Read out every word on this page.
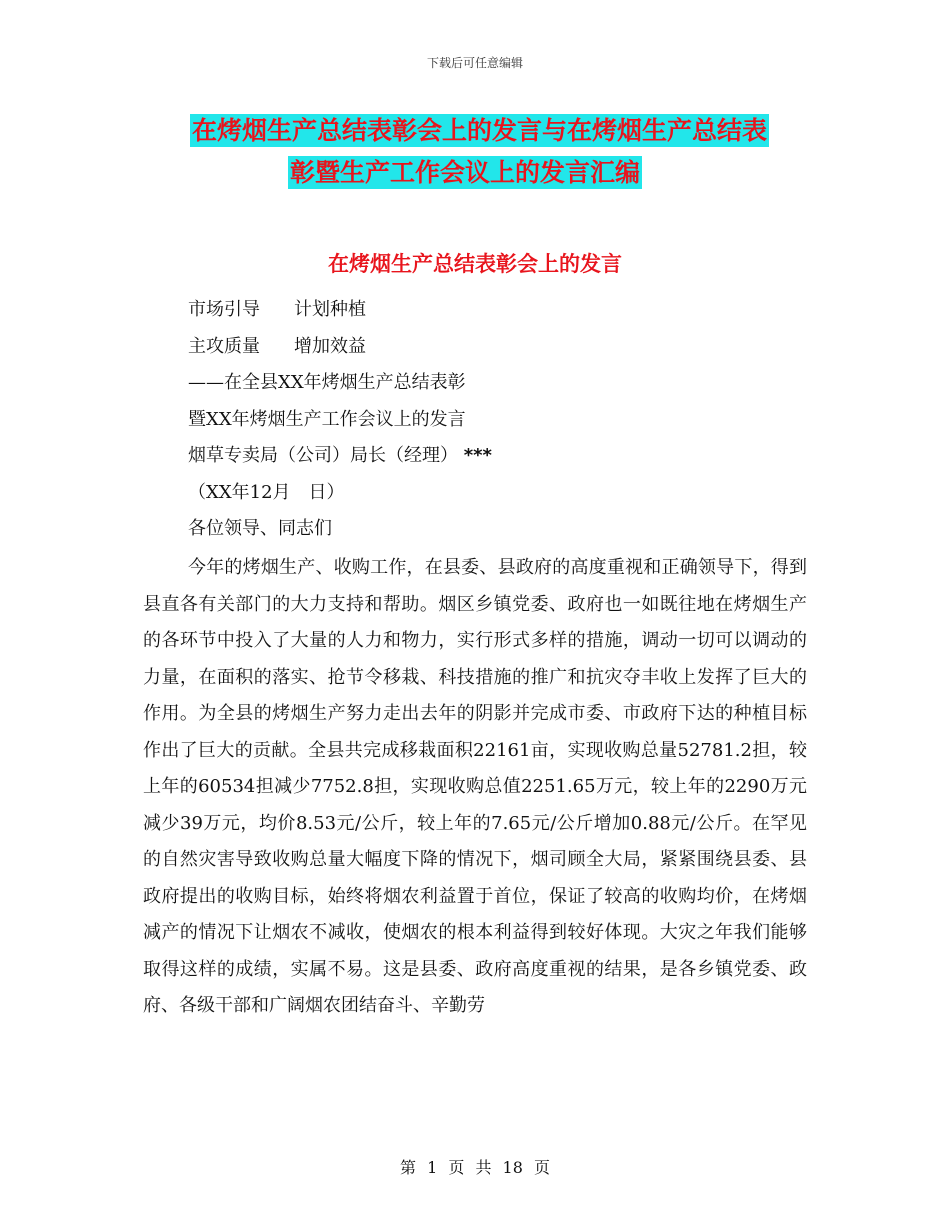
下载后可任意编辑
在烤烟生产总结表彰会上的发言与在烤烟生产总结表
彰暨生产工作会议上的发言汇编
在烤烟生产总结表彰会上的发言
市场引导 计划种植
主攻质量 增加效益
——在全县XX年烤烟生产总结表彰
暨XX年烤烟生产工作会议上的发言
烟草专卖局（公司）局长（经理） ***
（XX年12月　日）
各位领导、同志们

今年的烤烟生产、收购工作，在县委、县政府的高度重视和正确领导下，得到县直各有关部门的大力支持和帮助。烟区乡镇党委、政府也一如既往地在烤烟生产的各环节中投入了大量的人力和物力，实行形式多样的措施，调动一切可以调动的力量，在面积的落实、抢节令移栽、科技措施的推广和抗灾夺丰收上发挥了巨大的作用。为全县的烤烟生产努力走出去年的阴影并完成市委、市政府下达的种植目标作出了巨大的贡献。全县共完成移栽面积22161亩，实现收购总量52781.2担，较上年的60534担减少7752.8担，实现收购总值2251.65万元，较上年的2290万元减少39万元，均价8.53元/公斤，较上年的7.65元/公斤增加0.88元/公斤。在罕见的自然灾害导致收购总量大幅度下降的情况下，烟司顾全大局，紧紧围绕县委、县政府提出的收购目标，始终将烟农利益置于首位，保证了较高的收购均价，在烤烟减产的情况下让烟农不减收，使烟农的根本利益得到较好体现。大灾之年我们能够取得这样的成绩，实属不易。这是县委、政府高度重视的结果，是各乡镇党委、政府、各级干部和广阔烟农团结奋斗、辛勤劳

第 1 页 共 18 页
